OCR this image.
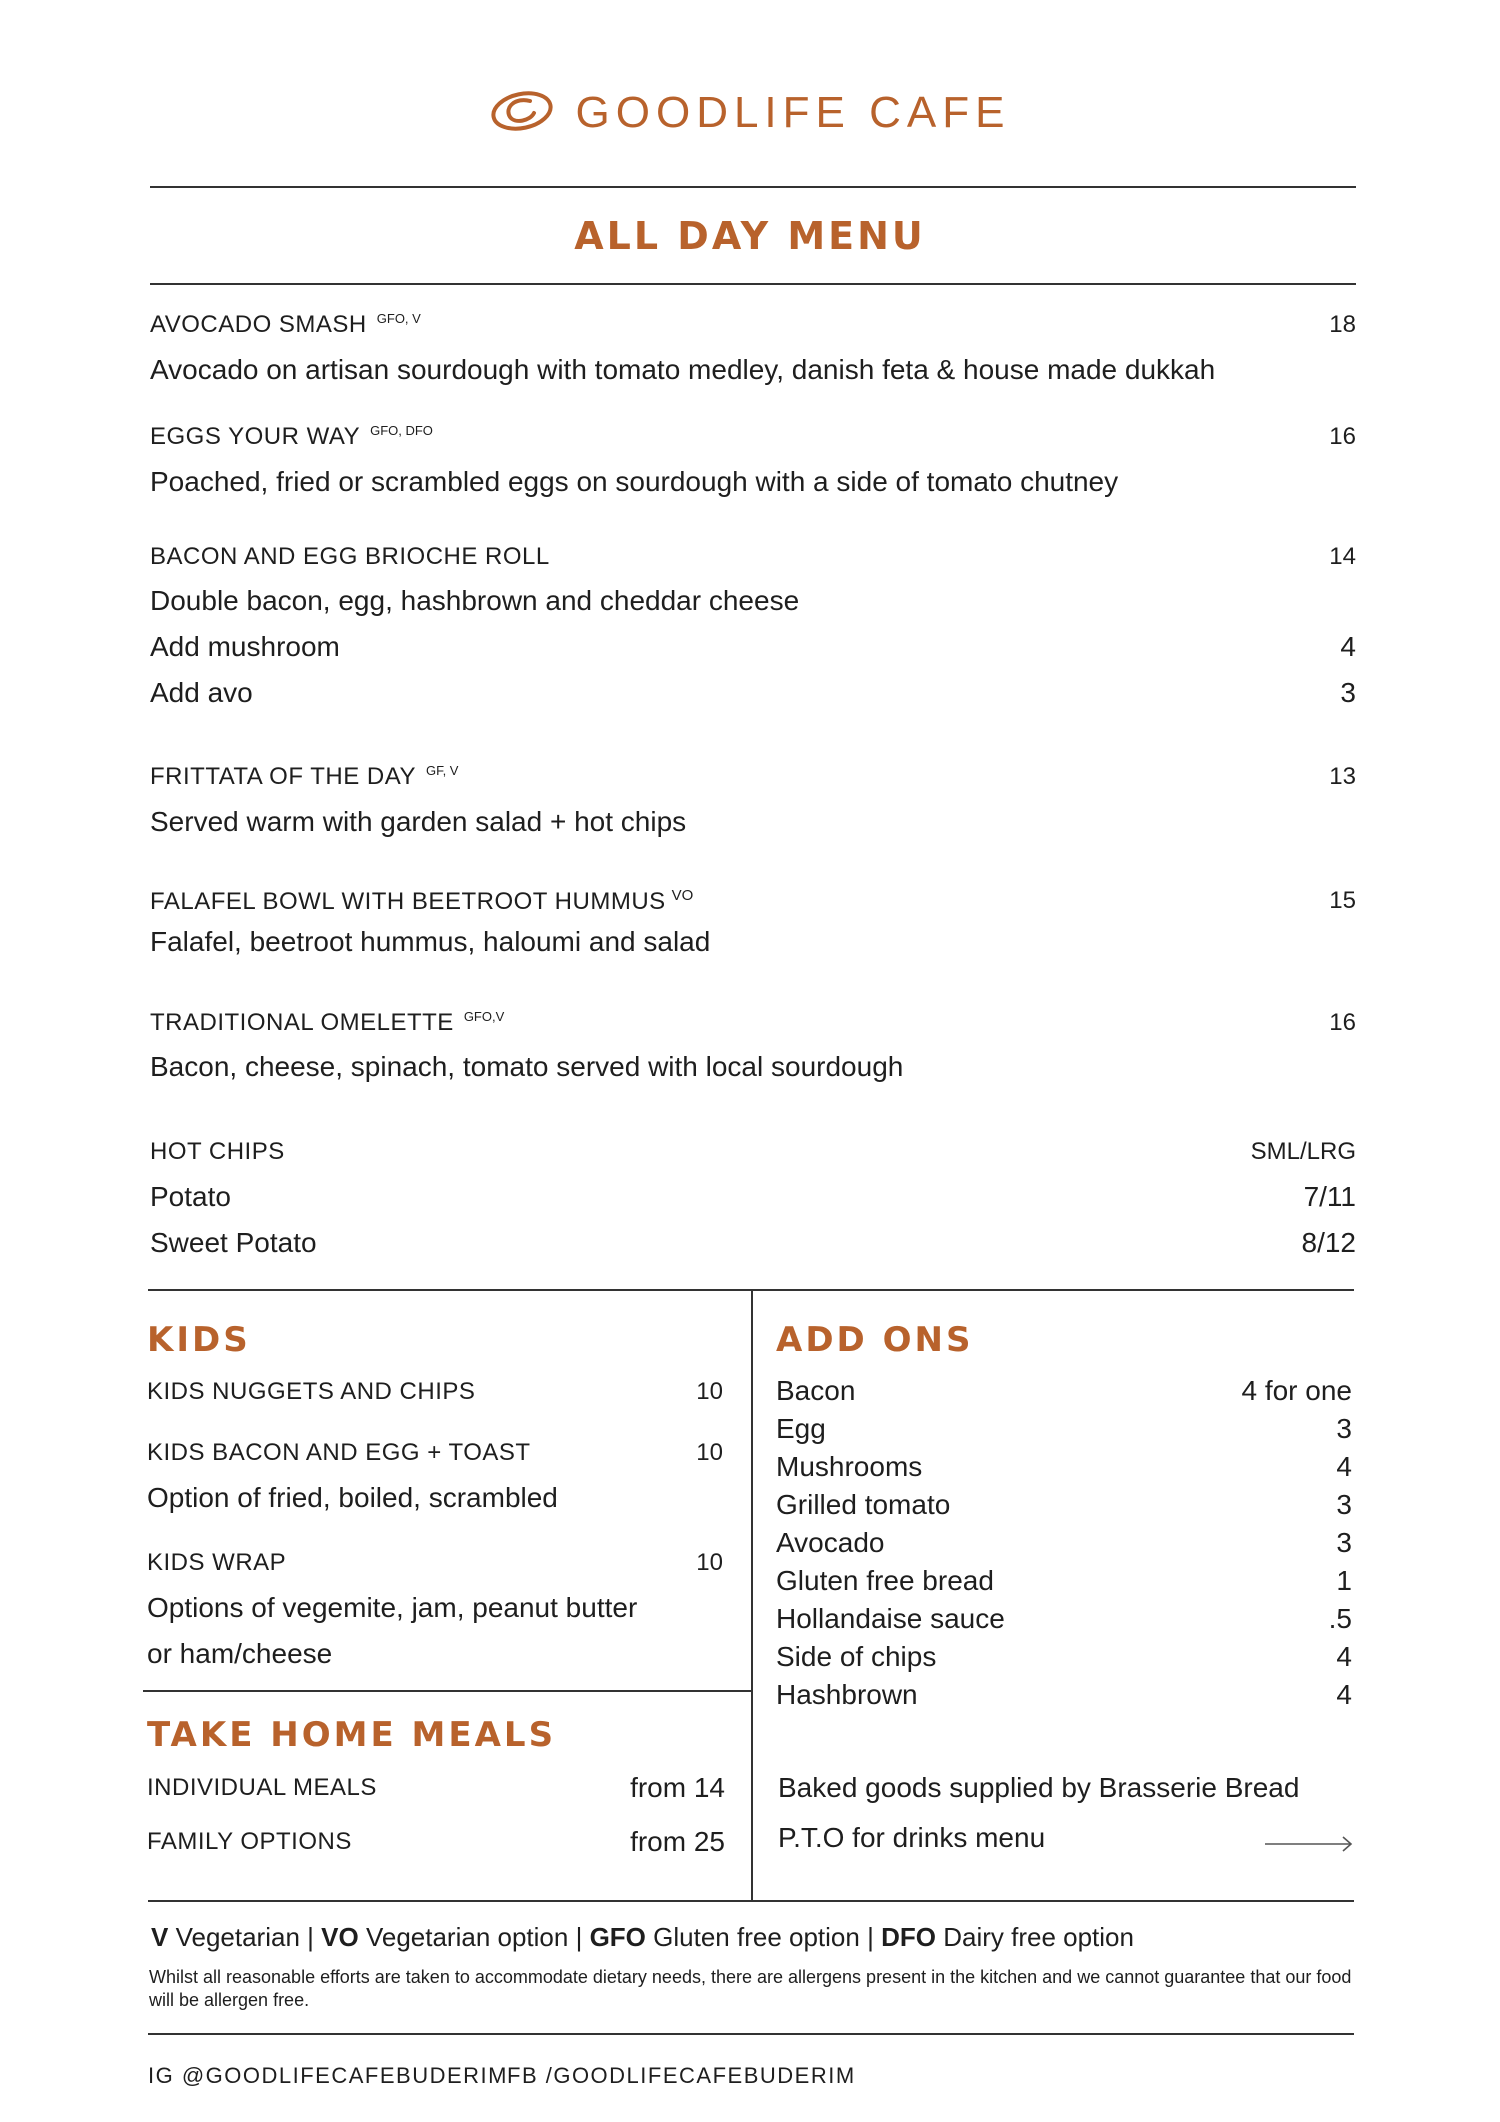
GOODLIFE CAFE
ALL DAY MENU
AVOCADO SMASH $^{GFO, V}$	18
Avocado on artisan sourdough with tomato medley, danish feta & house made dukkah
EGGS YOUR WAY $^{GFO, DFO}$	16
Poached, fried or scrambled eggs on sourdough with a side of tomato chutney
BACON AND EGG BRIOCHE ROLL	14
Double bacon, egg, hashbrown and cheddar cheese
Add mushroom	4
Add avo	3
FRITTATA OF THE DAY $^{GF, V}$	13
Served warm with garden salad + hot chips
FALAFEL BOWL WITH BEETROOT HUMMUS $^{VO}$	15
Falafel, beetroot hummus, haloumi and salad
TRADITIONAL OMELETTE $^{GFO,V}$	16
Bacon, cheese, spinach, tomato served with local sourdough
HOT CHIPS	SML/LRG
Potato	7/11
Sweet Potato	8/12
KIDS
KIDS NUGGETS AND CHIPS	10
KIDS BACON AND EGG + TOAST	10
Option of fried, boiled, scrambled
KIDS WRAP	10
Options of vegemite, jam, peanut butter
or ham/cheese
TAKE HOME MEALS
INDIVIDUAL MEALS	from 14
FAMILY OPTIONS	from 25
ADD ONS
Bacon	4 for one
Egg	3
Mushrooms	4
Grilled tomato	3
Avocado	3
Gluten free bread	1
Hollandaise sauce	.5
Side of chips	4
Hashbrown	4
Baked goods supplied by Brasserie Bread
P.T.O for drinks menu
V Vegetarian | VO Vegetarian option | GFO Gluten free option | DFO Dairy free option
Whilst all reasonable efforts are taken to accommodate dietary needs, there are allergens present in the kitchen and we cannot guarantee that our food will be allergen free.
IG @GOODLIFECAFEBUDERIM FB /GOODLIFECAFEBUDERIM
